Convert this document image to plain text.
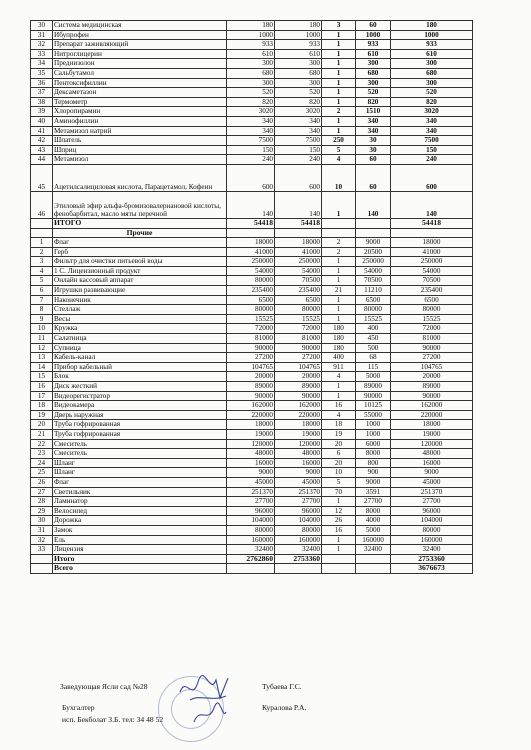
30	Система медицинская	180	180	3	60	180
31	Ибупрофен	1000	1000	1	1000	1000
32	Препарат заживляющий	933	933	1	933	933
33	Нитроглицерин	610	610	1	610	610
34	Преднизолон	300	300	1	300	300
35	Сальбутамол	680	680	1	680	680
36	Пентоксифиллин	300	300	1	300	300
37	Дексаметазон	520	520	1	520	520
38	Термометр	820	820	1	820	820
39	Хлоропирамин	3020	3020	2	1510	3020
40	Аминофиллин	340	340	1	340	340
41	Метамизол натрий	340	340	1	340	340
42	Шпатель	7500	7500	250	30	7500
43	Шприц	150	150	5	30	150
44	Метамизол	240	240	4	60	240
45	Ацетилсалициловая кислота, Парацетамол, Кофеин	600	600	10	60	600
46	Этиловый эфир альфа-бромизовалериановой кислоты, фенобарбитал, масло мяты перечной	140	140	1	140	140
	ИТОГО	54418	54418			54418
	Прочие					
1	Флаг	18000	18000	2	9000	18000
2	Герб	41000	41000	2	20500	41000
3	Фильтр для очистки питьевой воды	250000	250000	1	250000	250000
4	1 С. Лицензионный продукт	54000	54000	1	54000	54000
5	Онлайн кассовый аппарат	80000	70500	1	70500	70500
6	Игрушки развивающие	235400	235400	21	11210	235400
7	Наконечник	6500	6500	1	6500	6500
8	Стеллаж	80000	80000	1	80000	80000
9	Весы	15525	15525	1	15525	15525
10	Кружка	72000	72000	180	400	72000
11	Салатница	81000	81000	180	450	81000
12	Супница	90000	90000	180	500	90000
13	Кабель-канал	27200	27200	400	68	27200
14	Прибор кабельный	104765	104765	911	115	104765
15	Блок	20000	20000	4	5000	20000
16	Диск жесткий	89000	89000	1	89000	89000
17	Видеорегистратор	90000	90000	1	90000	90000
18	Видеокамера	162000	162000	16	10125	162000
19	Дверь наружная	220000	220000	4	55000	220000
20	Труба гофрированная	18000	18000	18	1000	18000
21	Труба гофрированная	19000	19000	19	1000	19000
22	Смеситель	120000	120000	20	6000	120000
23	Смеситель	48000	48000	6	8000	48000
24	Шланг	16000	16000	20	800	16000
25	Шланг	9000	9000	10	900	9000
26	Флаг	45000	45000	5	9000	45000
27	Светильник	251370	251370	70	3591	251370
28	Ламинатор	27700	27700	1	27700	27700
29	Велосипед	96000	96000	12	8000	96000
30	Дорожка	104000	104000	26	4000	104000
31	Замок	80000	80000	16	5000	80000
32	Ель	160000	160000	1	160000	160000
33	Лицензия	32400	32400	1	32400	32400
	Итого	2762860	2753360			2753360
	Всего					3676673
Заведующая Ясли сад №28	Тубаева Г.С.
Бухгалтер	Куралова Р.А.
исп. Бекболат З.Б. тел: 34 48 52
